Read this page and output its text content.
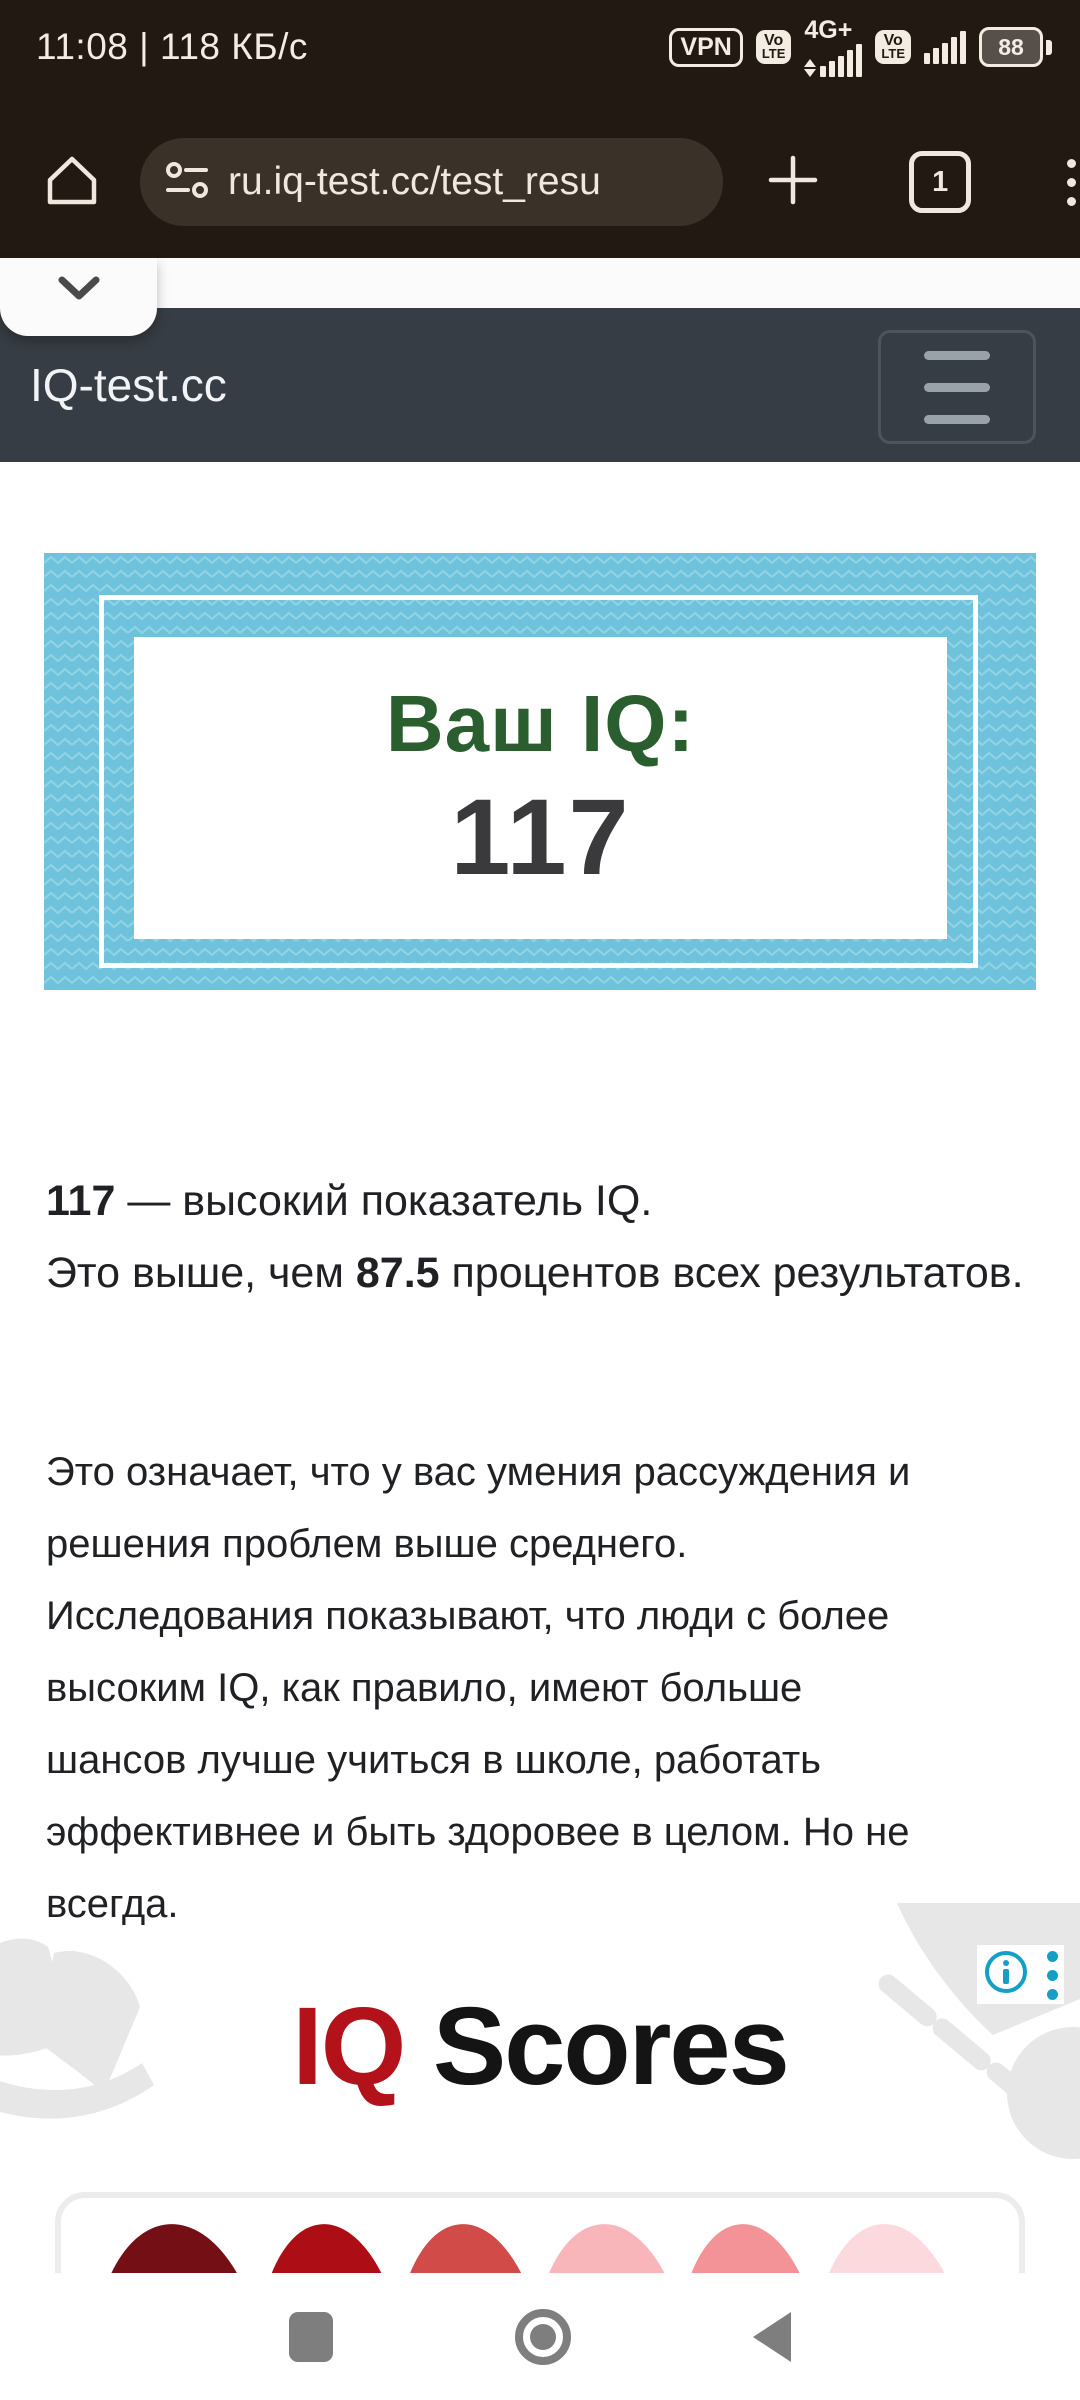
11:08 | 118 КБ/с	VPN	Vo
LTE
4G+	Vo
LTE	88
ru.iq-test.cc/test_resu	1
IQ-test.cc
Ваш IQ:
117

117 — высокий показатель IQ.
Это выше, чем 87.5 процентов всех результатов.

Это означает, что у вас умения рассуждения и
решения проблем выше среднего.
Исследования показывают, что люди с более
высоким IQ, как правило, имеют больше
шансов лучше учиться в школе, работать
эффективнее и быть здоровее в целом. Но не
всегда.

IQ Scores
